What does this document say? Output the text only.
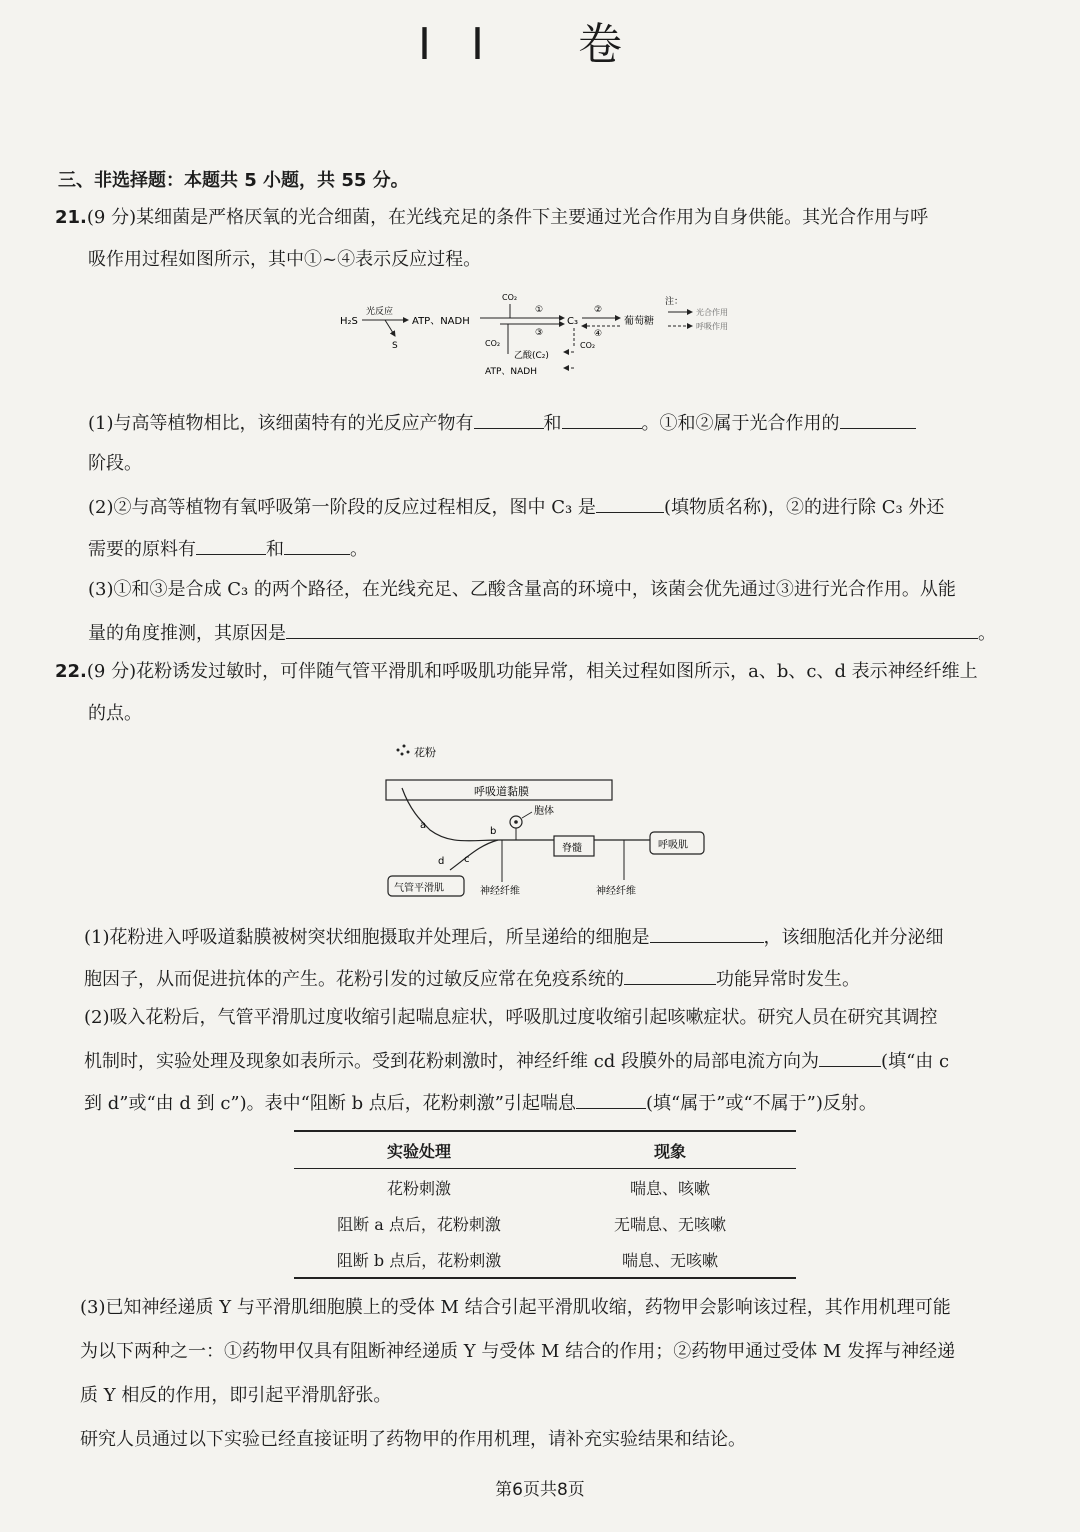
II 卷
三、非选择题：本题共 5 小题，共 55 分。
21.(9 分)某细菌是严格厌氧的光合细菌，在光线充足的条件下主要通过光合作用为自身供能。其光合作用与呼
吸作用过程如图所示，其中①~④表示反应过程。
H₂S
光反应
S
ATP、NADH
CO₂
①
③
CO₂
C₃
②
④
葡萄糖
CO₂
乙酸(C₂)
ATP、NADH
注：
光合作用
呼吸作用
(1)与高等植物相比，该细菌特有的光反应产物有	和	。①和②属于光合作用的
阶段。
(2)②与高等植物有氧呼吸第一阶段的反应过程相反，图中 C₃ 是	(填物质名称)，②的进行除 C₃ 外还
需要的原料有	和	。
(3)①和③是合成 C₃ 的两个路径，在光线充足、乙酸含量高的环境中，该菌会优先通过③进行光合作用。从能
量的角度推测，其原因是	。
22.(9 分)花粉诱发过敏时，可伴随气管平滑肌和呼吸肌功能异常，相关过程如图所示，a、b、c、d 表示神经纤维上
的点。
花粉
呼吸道黏膜
a
b
胞体
c
d
气管平滑肌	神经纤维
脊髓	呼吸肌
神经纤维
(1)花粉进入呼吸道黏膜被树突状细胞摄取并处理后，所呈递给的细胞是	，该细胞活化并分泌细
胞因子，从而促进抗体的产生。花粉引发的过敏反应常在免疫系统的	功能异常时发生。
(2)吸入花粉后，气管平滑肌过度收缩引起喘息症状，呼吸肌过度收缩引起咳嗽症状。研究人员在研究其调控
机制时，实验处理及现象如表所示。受到花粉刺激时，神经纤维 cd 段膜外的局部电流方向为	(填“由 c
到 d”或“由 d 到 c”)。表中“阻断 b 点后，花粉刺激”引起喘息	(填“属于”或“不属于”)反射。
实验处理	现象
花粉刺激	喘息、咳嗽
阻断 a 点后，花粉刺激	无喘息、无咳嗽
阻断 b 点后，花粉刺激	喘息、无咳嗽
(3)已知神经递质 Y 与平滑肌细胞膜上的受体 M 结合引起平滑肌收缩，药物甲会影响该过程，其作用机理可能
为以下两种之一：①药物甲仅具有阻断神经递质 Y 与受体 M 结合的作用；②药物甲通过受体 M 发挥与神经递
质 Y 相反的作用，即引起平滑肌舒张。
研究人员通过以下实验已经直接证明了药物甲的作用机理，请补充实验结果和结论。
第6页共8页
